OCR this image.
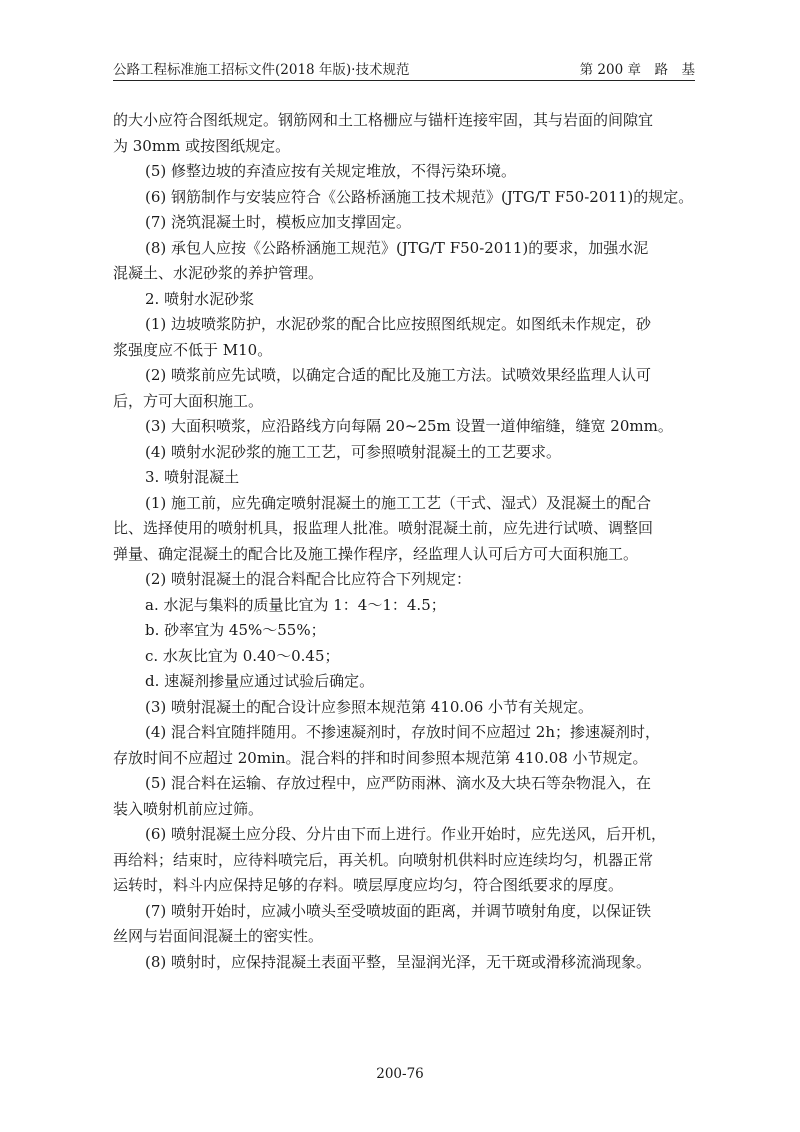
公路工程标准施工招标文件(2018 年版)·技术规范	第 200 章　路　基

的大小应符合图纸规定。钢筋网和土工格栅应与锚杆连接牢固，其与岩面的间隙宜

为 30mm 或按图纸规定。

(5) 修整边坡的弃渣应按有关规定堆放，不得污染环境。

(6) 钢筋制作与安装应符合《公路桥涵施工技术规范》(JTG/T F50-2011)的规定。

(7) 浇筑混凝土时，模板应加支撑固定。

(8) 承包人应按《公路桥涵施工规范》(JTG/T F50-2011)的要求，加强水泥

混凝土、水泥砂浆的养护管理。

2. 喷射水泥砂浆

(1) 边坡喷浆防护，水泥砂浆的配合比应按照图纸规定。如图纸未作规定，砂

浆强度应不低于 M10。

(2) 喷浆前应先试喷，以确定合适的配比及施工方法。试喷效果经监理人认可

后，方可大面积施工。

(3) 大面积喷浆，应沿路线方向每隔 20~25m 设置一道伸缩缝，缝宽 20mm。

(4) 喷射水泥砂浆的施工工艺，可参照喷射混凝土的工艺要求。

3. 喷射混凝土

(1) 施工前，应先确定喷射混凝土的施工工艺（干式、湿式）及混凝土的配合

比、选择使用的喷射机具，报监理人批准。喷射混凝土前，应先进行试喷、调整回

弹量、确定混凝土的配合比及施工操作程序，经监理人认可后方可大面积施工。

(2) 喷射混凝土的混合料配合比应符合下列规定：

a. 水泥与集料的质量比宜为 1：4～1：4.5；

b. 砂率宜为 45%～55%；

c. 水灰比宜为 0.40～0.45；

d. 速凝剂掺量应通过试验后确定。

(3) 喷射混凝土的配合设计应参照本规范第 410.06 小节有关规定。

(4) 混合料宜随拌随用。不掺速凝剂时，存放时间不应超过 2h；掺速凝剂时，

存放时间不应超过 20min。混合料的拌和时间参照本规范第 410.08 小节规定。

(5) 混合料在运输、存放过程中，应严防雨淋、滴水及大块石等杂物混入，在

装入喷射机前应过筛。

(6) 喷射混凝土应分段、分片由下而上进行。作业开始时，应先送风，后开机，

再给料；结束时，应待料喷完后，再关机。向喷射机供料时应连续均匀，机器正常

运转时，料斗内应保持足够的存料。喷层厚度应均匀，符合图纸要求的厚度。

(7) 喷射开始时，应减小喷头至受喷坡面的距离，并调节喷射角度，以保证铁

丝网与岩面间混凝土的密实性。

(8) 喷射时，应保持混凝土表面平整，呈湿润光泽，无干斑或滑移流淌现象。

200-76
